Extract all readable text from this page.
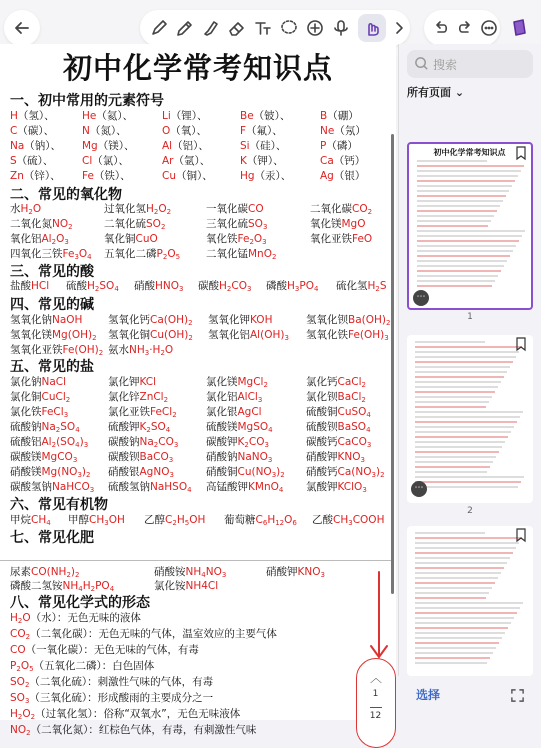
初中化学常考知识点
一、初中常用的元素符号
H（氢）、	He（氦）、	Li（锂）、	Be（铍）、	B（硼）
C（碳）、	N（氮）、	O（氧）、	F（氟）、	Ne（氖）
Na（钠）、 Mg（镁）、	Al（铝）、	Si（硅）、	P（磷）
S（硫）、	Cl（氯）、	Ar（氩）、	K（钾）、	Ca（钙）
Zn（锌）、 Fe（铁）、	Cu（铜）、	Hg（汞）、	Ag（银）
二、常见的氧化物
水$H_2O$	过氧化氢$H_2O_2$	一氧化碳CO	二氧化碳$CO_2$
二氧化氮$NO_2$	二氧化硫$SO_2$	三氧化硫$SO_3$	氧化镁MgO
氧化铝$Al_2O_3$	氧化铜CuO	氧化铁$Fe_2O_3$	氧化亚铁FeO
四氧化三铁$Fe_3O_4$ 五氧化二磷$P_2O_5$ 二氧化锰MnO$_2$
三、常见的酸
盐酸HCl 硫酸$H_2SO_4$ 硝酸$HNO_3$ 碳酸$H_2CO_3$ 磷酸$H_3PO_4$ 硫化氢$H_2S$
四、常见的碱
氢氧化钠NaOH 氢氧化钙$Ca(OH)_2$ 氢氧化钾KOH	氢氧化钡$Ba(OH)_2$
氢氧化镁$Mg(OH)_2$ 氢氧化铜$Cu(OH)_2$ 氢氧化铝$Al(OH)_3$ 氢氧化铁$Fe(OH)_3$
氢氧化亚铁$Fe(OH)_2$ 氨水$NH_3\cdot H_2O$
五、常见的盐
氯化钠NaCl	氯化钾KCl	氯化镁MgCl$_2$	氯化钙CaCl$_2$
氯化铜CuCl$_2$	氯化锌ZnCl$_2$	氯化铝AlCl$_3$	氯化钡BaCl$_2$
氯化铁FeCl$_3$	氯化亚铁FeCl$_2$	氯化银AgCl	硫酸铜CuSO$_4$
硫酸钠$Na_2SO_4$	硫酸钾$K_2SO_4$	硫酸镁MgSO$_4$	硫酸钡BaSO$_4$
硫酸铝$Al_2(SO_4)_3$ 碳酸钠$Na_2CO_3$	碳酸钾$K_2CO_3$	碳酸钙CaCO$_3$
碳酸镁MgCO$_3$	碳酸钡BaCO$_3$	硝酸钠NaNO$_3$	硝酸钾$KNO_3$
硝酸镁$Mg(NO_3)_2$ 硝酸银AgNO$_3$	硝酸铜$Cu(NO_3)_2$ 硝酸钙$Ca(NO_3)_2$
碳酸氢钠NaHCO$_3$ 硫酸氢钠NaHSO$_4$ 高锰酸钾KMnO$_4$ 氯酸钾KClO$_3$
六、常见有机物
甲烷$CH_4$ 甲醇$CH_3OH$ 乙醇$C_2H_5OH$ 葡萄糖$C_6H_{12}O_6$ 乙酸$CH_3COOH$
七、常见化肥
尿素$CO(NH_2)_2$	硝酸铵$NH_4NO_3$	硝酸钾$KNO_3$
磷酸二氢铵$NH_4H_2PO_4$	氯化铵NH4Cl
八、常见化学式的形态
$H_2O$（水）：无色无味的液体
$CO_2$（二氧化碳）：无色无味的气体，温室效应的主要气体
CO（一氧化碳）：无色无味的气体，有毒
$P_2O_5$（五氧化二磷）：白色固体
$SO_2$（二氧化硫）：刺激性气味的气体，有毒
$SO_3$（三氧化硫）：形成酸雨的主要成分之一
$H_2O_2$（过氧化氢）：俗称“双氧水”，无色无味液体
$NO_2$（二氧化氮）：红棕色气体，有毒，有刺激性气味
︿
1
12
搜索
所有页面 ⌄
初中化学常考知识点
⋯
1
⋯
2
选择
